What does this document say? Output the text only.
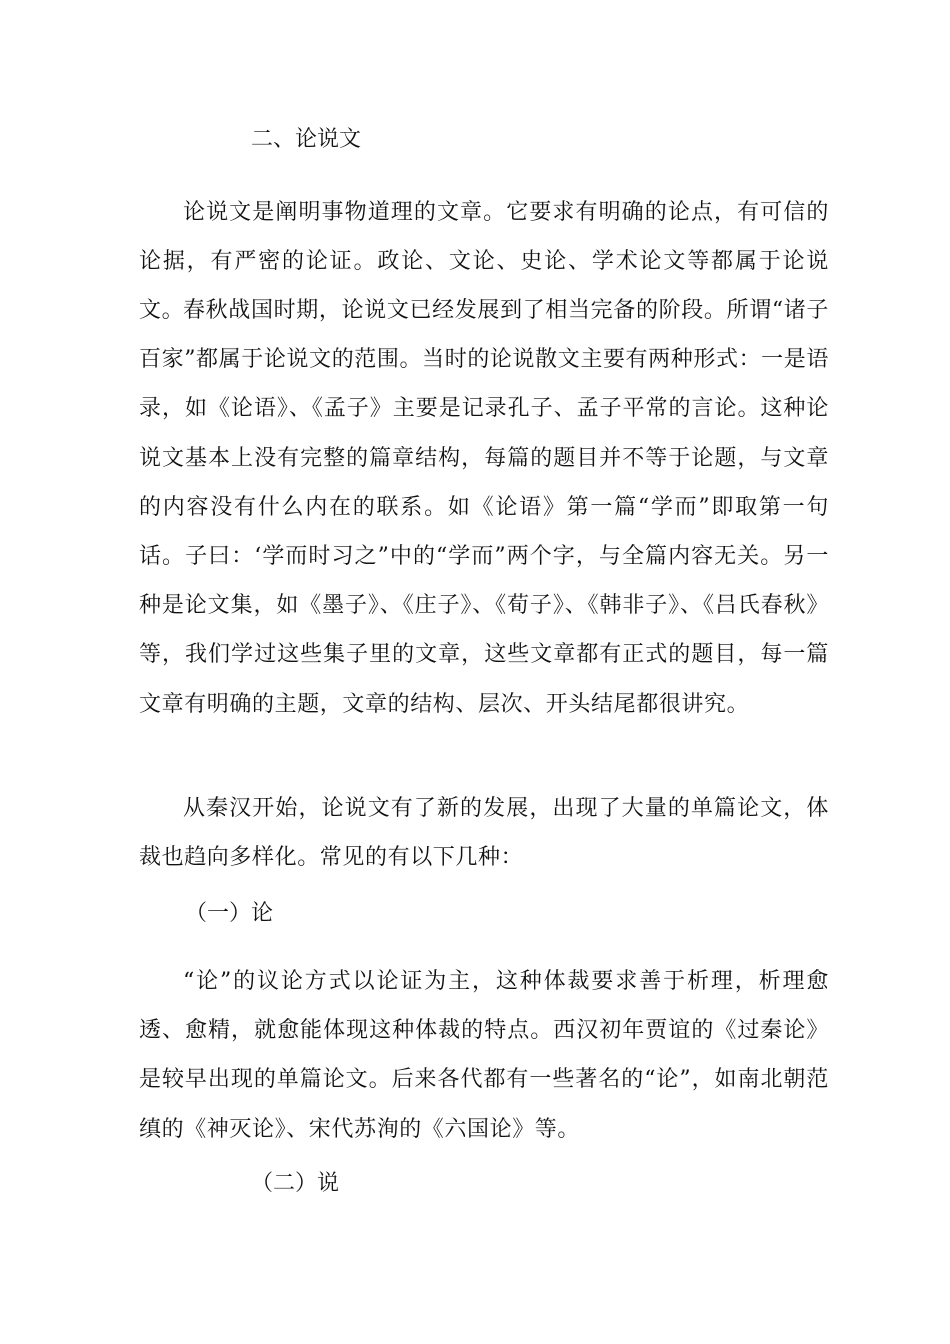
二、论说文

论说文是阐明事物道理的文章。它要求有明确的论点，有可信的论据，有严密的论证。政论、文论、史论、学术论文等都属于论说文。

春秋战国时期，论说文已经发展到了相当完备的阶段。所谓“诸子百家”都属于论说文的范围。当时的论说散文主要有两种形式：一是语录，如《论语》、《孟子》主要是记录孔子、孟子平常的言论。这种论说文基本上没有完整的篇章结构，每篇的题目并不等于论题，与文章的内容没有什么内在的联系。如《论语》第一篇“学而”即取第一句话。子曰：‘学而时习之”中的“学而”两个字，与全篇内容无关。另一种是论文集，如《墨子》、《庄子》、《荀子》、《韩非子》、《吕氏春秋》等，我们学过这些集子里的文章，这些文章都有正式的题目，每一篇文章有明确的主题，文章的结构、层次、开头结尾都很讲究。

从秦汉开始，论说文有了新的发展，出现了大量的单篇论文，体裁也趋向多样化。常见的有以下几种：

（一）论

“论”的议论方式以论证为主，这种体裁要求善于析理，析理愈透、愈精，就愈能体现这种体裁的特点。西汉初年贾谊的《过秦论》是较早出现的单篇论文。后来各代都有一些著名的“论”，如南北朝范缜的《神灭论》、宋代苏洵的《六国论》等。

（二）说
